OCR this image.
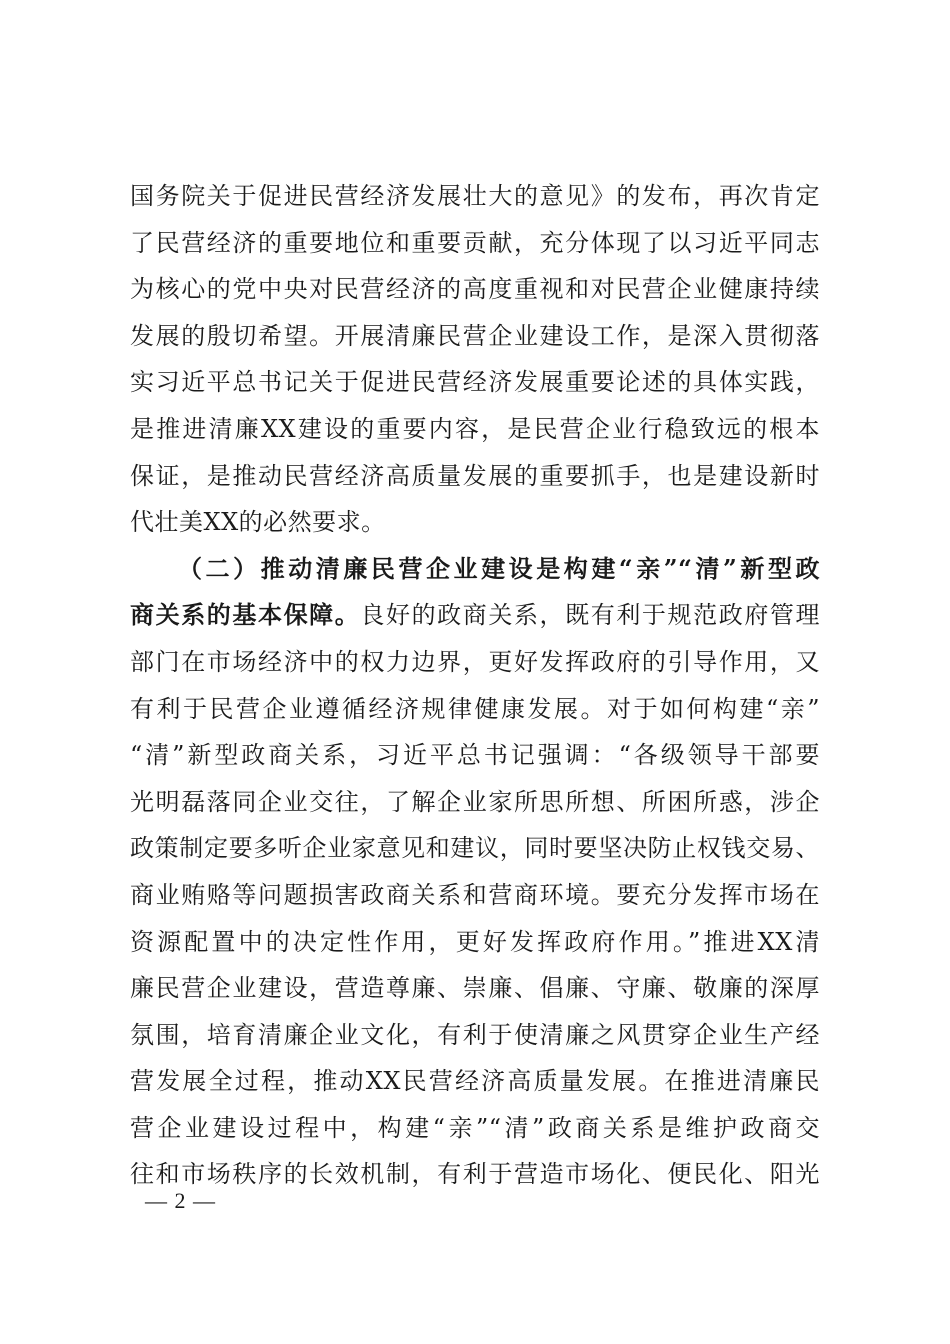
国务院关于促进民营经济发展壮大的意见》的发布，再次肯定
了民营经济的重要地位和重要贡献，充分体现了以习近平同志
为核心的党中央对民营经济的高度重视和对民营企业健康持续
发展的殷切希望。开展清廉民营企业建设工作，是深入贯彻落
实习近平总书记关于促进民营经济发展重要论述的具体实践，
是推进清廉XX建设的重要内容，是民营企业行稳致远的根本
保证，是推动民营经济高质量发展的重要抓手，也是建设新时
代壮美XX的必然要求。
（二）推动清廉民营企业建设是构建“亲”“清”新型政
商关系的基本保障。良好的政商关系，既有利于规范政府管理
部门在市场经济中的权力边界，更好发挥政府的引导作用，又
有利于民营企业遵循经济规律健康发展。对于如何构建“亲”
“清”新型政商关系，习近平总书记强调：“各级领导干部要
光明磊落同企业交往，了解企业家所思所想、所困所惑，涉企
政策制定要多听企业家意见和建议，同时要坚决防止权钱交易、
商业贿赂等问题损害政商关系和营商环境。要充分发挥市场在
资源配置中的决定性作用，更好发挥政府作用。”推进XX清
廉民营企业建设，营造尊廉、崇廉、倡廉、守廉、敬廉的深厚
氛围，培育清廉企业文化，有利于使清廉之风贯穿企业生产经
营发展全过程，推动XX民营经济高质量发展。在推进清廉民
营企业建设过程中，构建“亲”“清”政商关系是维护政商交
往和市场秩序的长效机制，有利于营造市场化、便民化、阳光
— 2 —
